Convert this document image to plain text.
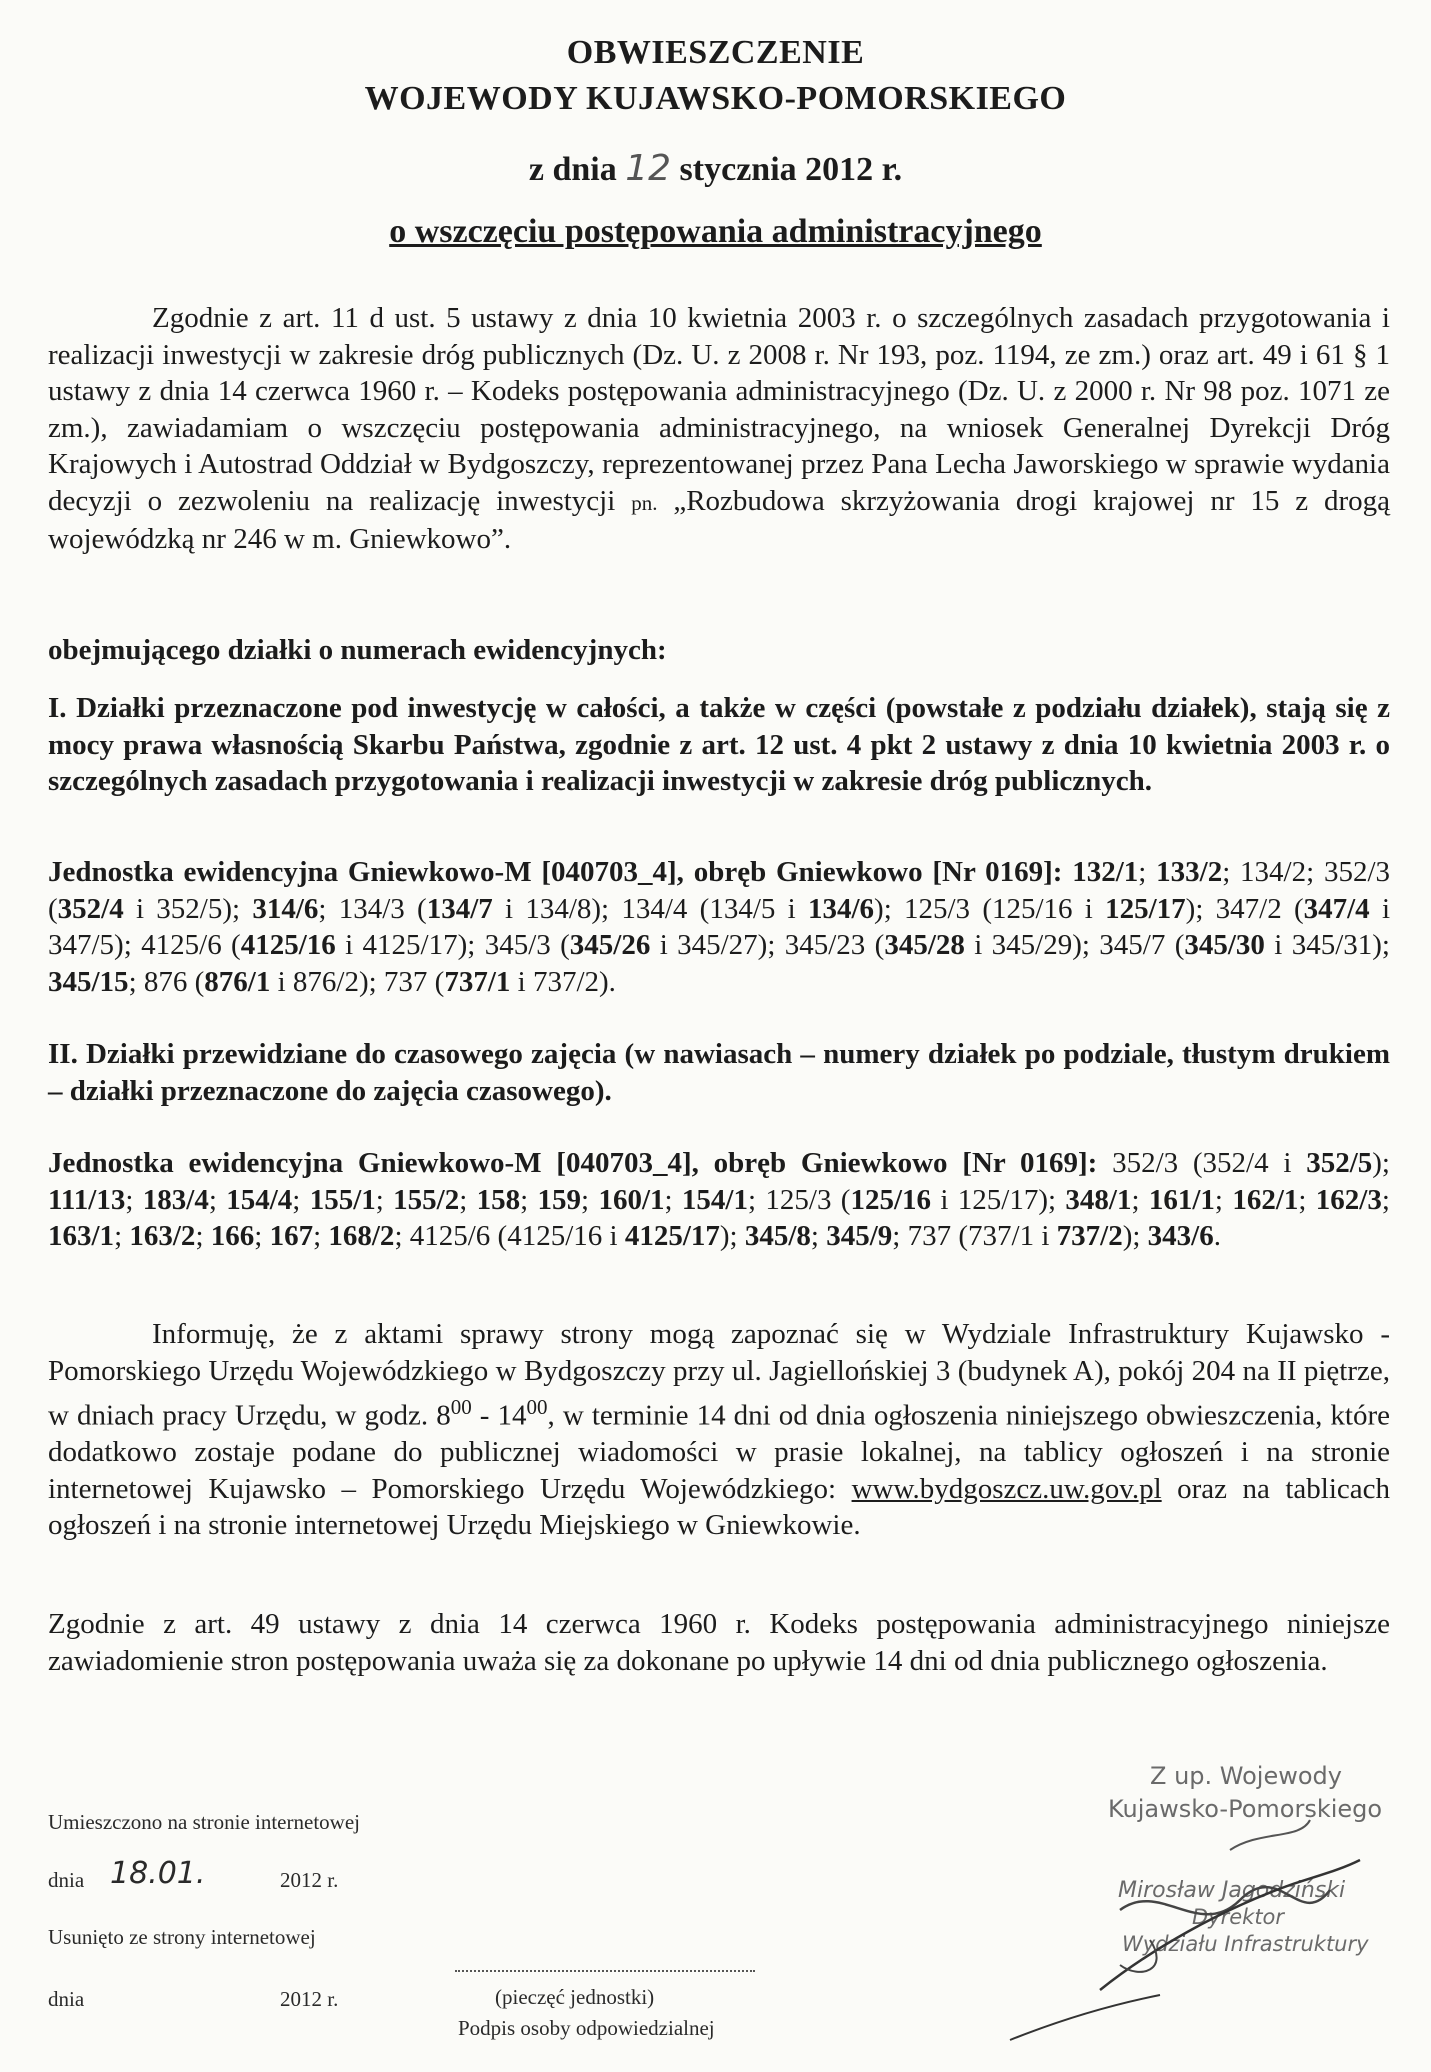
OBWIESZCZENIE
WOJEWODY KUJAWSKO-POMORSKIEGO
z dnia 12 stycznia 2012 r.
o wszczęciu postępowania administracyjnego

Zgodnie z art. 11 d ust. 5 ustawy z dnia 10 kwietnia 2003 r. o szczególnych zasadach przygotowania i realizacji inwestycji w zakresie dróg publicznych (Dz. U. z 2008 r. Nr 193, poz. 1194, ze zm.) oraz art. 49 i 61 § 1 ustawy z dnia 14 czerwca 1960 r. – Kodeks postępowania administracyjnego (Dz. U. z 2000 r. Nr 98 poz. 1071 ze zm.), zawiadamiam o wszczęciu postępowania administracyjnego, na wniosek Generalnej Dyrekcji Dróg Krajowych i Autostrad Oddział w Bydgoszczy, reprezentowanej przez Pana Lecha Jaworskiego w sprawie wydania decyzji o zezwoleniu na realizację inwestycji pn. „Rozbudowa skrzyżowania drogi krajowej nr 15 z drogą wojewódzką nr 246 w m. Gniewkowo”.

obejmującego działki o numerach ewidencyjnych:

I. Działki przeznaczone pod inwestycję w całości, a także w części (powstałe z podziału działek), stają się z mocy prawa własnością Skarbu Państwa, zgodnie z art. 12 ust. 4 pkt 2 ustawy z dnia 10 kwietnia 2003 r. o szczególnych zasadach przygotowania i realizacji inwestycji w zakresie dróg publicznych.

Jednostka ewidencyjna Gniewkowo-M [040703_4], obręb Gniewkowo [Nr 0169]: 132/1; 133/2; 134/2; 352/3 (352/4 i 352/5); 314/6; 134/3 (134/7 i 134/8); 134/4 (134/5 i 134/6); 125/3 (125/16 i 125/17); 347/2 (347/4 i 347/5); 4125/6 (4125/16 i 4125/17); 345/3 (345/26 i 345/27); 345/23 (345/28 i 345/29); 345/7 (345/30 i 345/31); 345/15; 876 (876/1 i 876/2); 737 (737/1 i 737/2).

II. Działki przewidziane do czasowego zajęcia (w nawiasach – numery działek po podziale, tłustym drukiem – działki przeznaczone do zajęcia czasowego).

Jednostka ewidencyjna Gniewkowo-M [040703_4], obręb Gniewkowo [Nr 0169]: 352/3 (352/4 i 352/5); 111/13; 183/4; 154/4; 155/1; 155/2; 158; 159; 160/1; 154/1; 125/3 (125/16 i 125/17); 348/1; 161/1; 162/1; 162/3; 163/1; 163/2; 166; 167; 168/2; 4125/6 (4125/16 i 4125/17); 345/8; 345/9; 737 (737/1 i 737/2); 343/6.

Informuję, że z aktami sprawy strony mogą zapoznać się w Wydziale Infrastruktury Kujawsko - Pomorskiego Urzędu Wojewódzkiego w Bydgoszczy przy ul. Jagiellońskiej 3 (budynek A), pokój 204 na II piętrze, w dniach pracy Urzędu, w godz. $8^{00} - 14^{00}$, w terminie 14 dni od dnia ogłoszenia niniejszego obwieszczenia, które dodatkowo zostaje podane do publicznej wiadomości w prasie lokalnej, na tablicy ogłoszeń i na stronie internetowej Kujawsko – Pomorskiego Urzędu Wojewódzkiego: www.bydgoszcz.uw.gov.pl oraz na tablicach ogłoszeń i na stronie internetowej Urzędu Miejskiego w Gniewkowie.

Zgodnie z art. 49 ustawy z dnia 14 czerwca 1960 r. Kodeks postępowania administracyjnego niniejsze zawiadomienie stron postępowania uważa się za dokonane po upływie 14 dni od dnia publicznego ogłoszenia.

Umieszczono na stronie internetowej
dnia 18.01.	2012 r.
Usunięto ze strony internetowej
dnia	2012 r.	(pieczęć jednostki)
Podpis osoby odpowiedzialnej
Z up. Wojewody
Kujawsko-Pomorskiego
Mirosław Jagodziński
Dyrektor
Wydziału Infrastruktury
